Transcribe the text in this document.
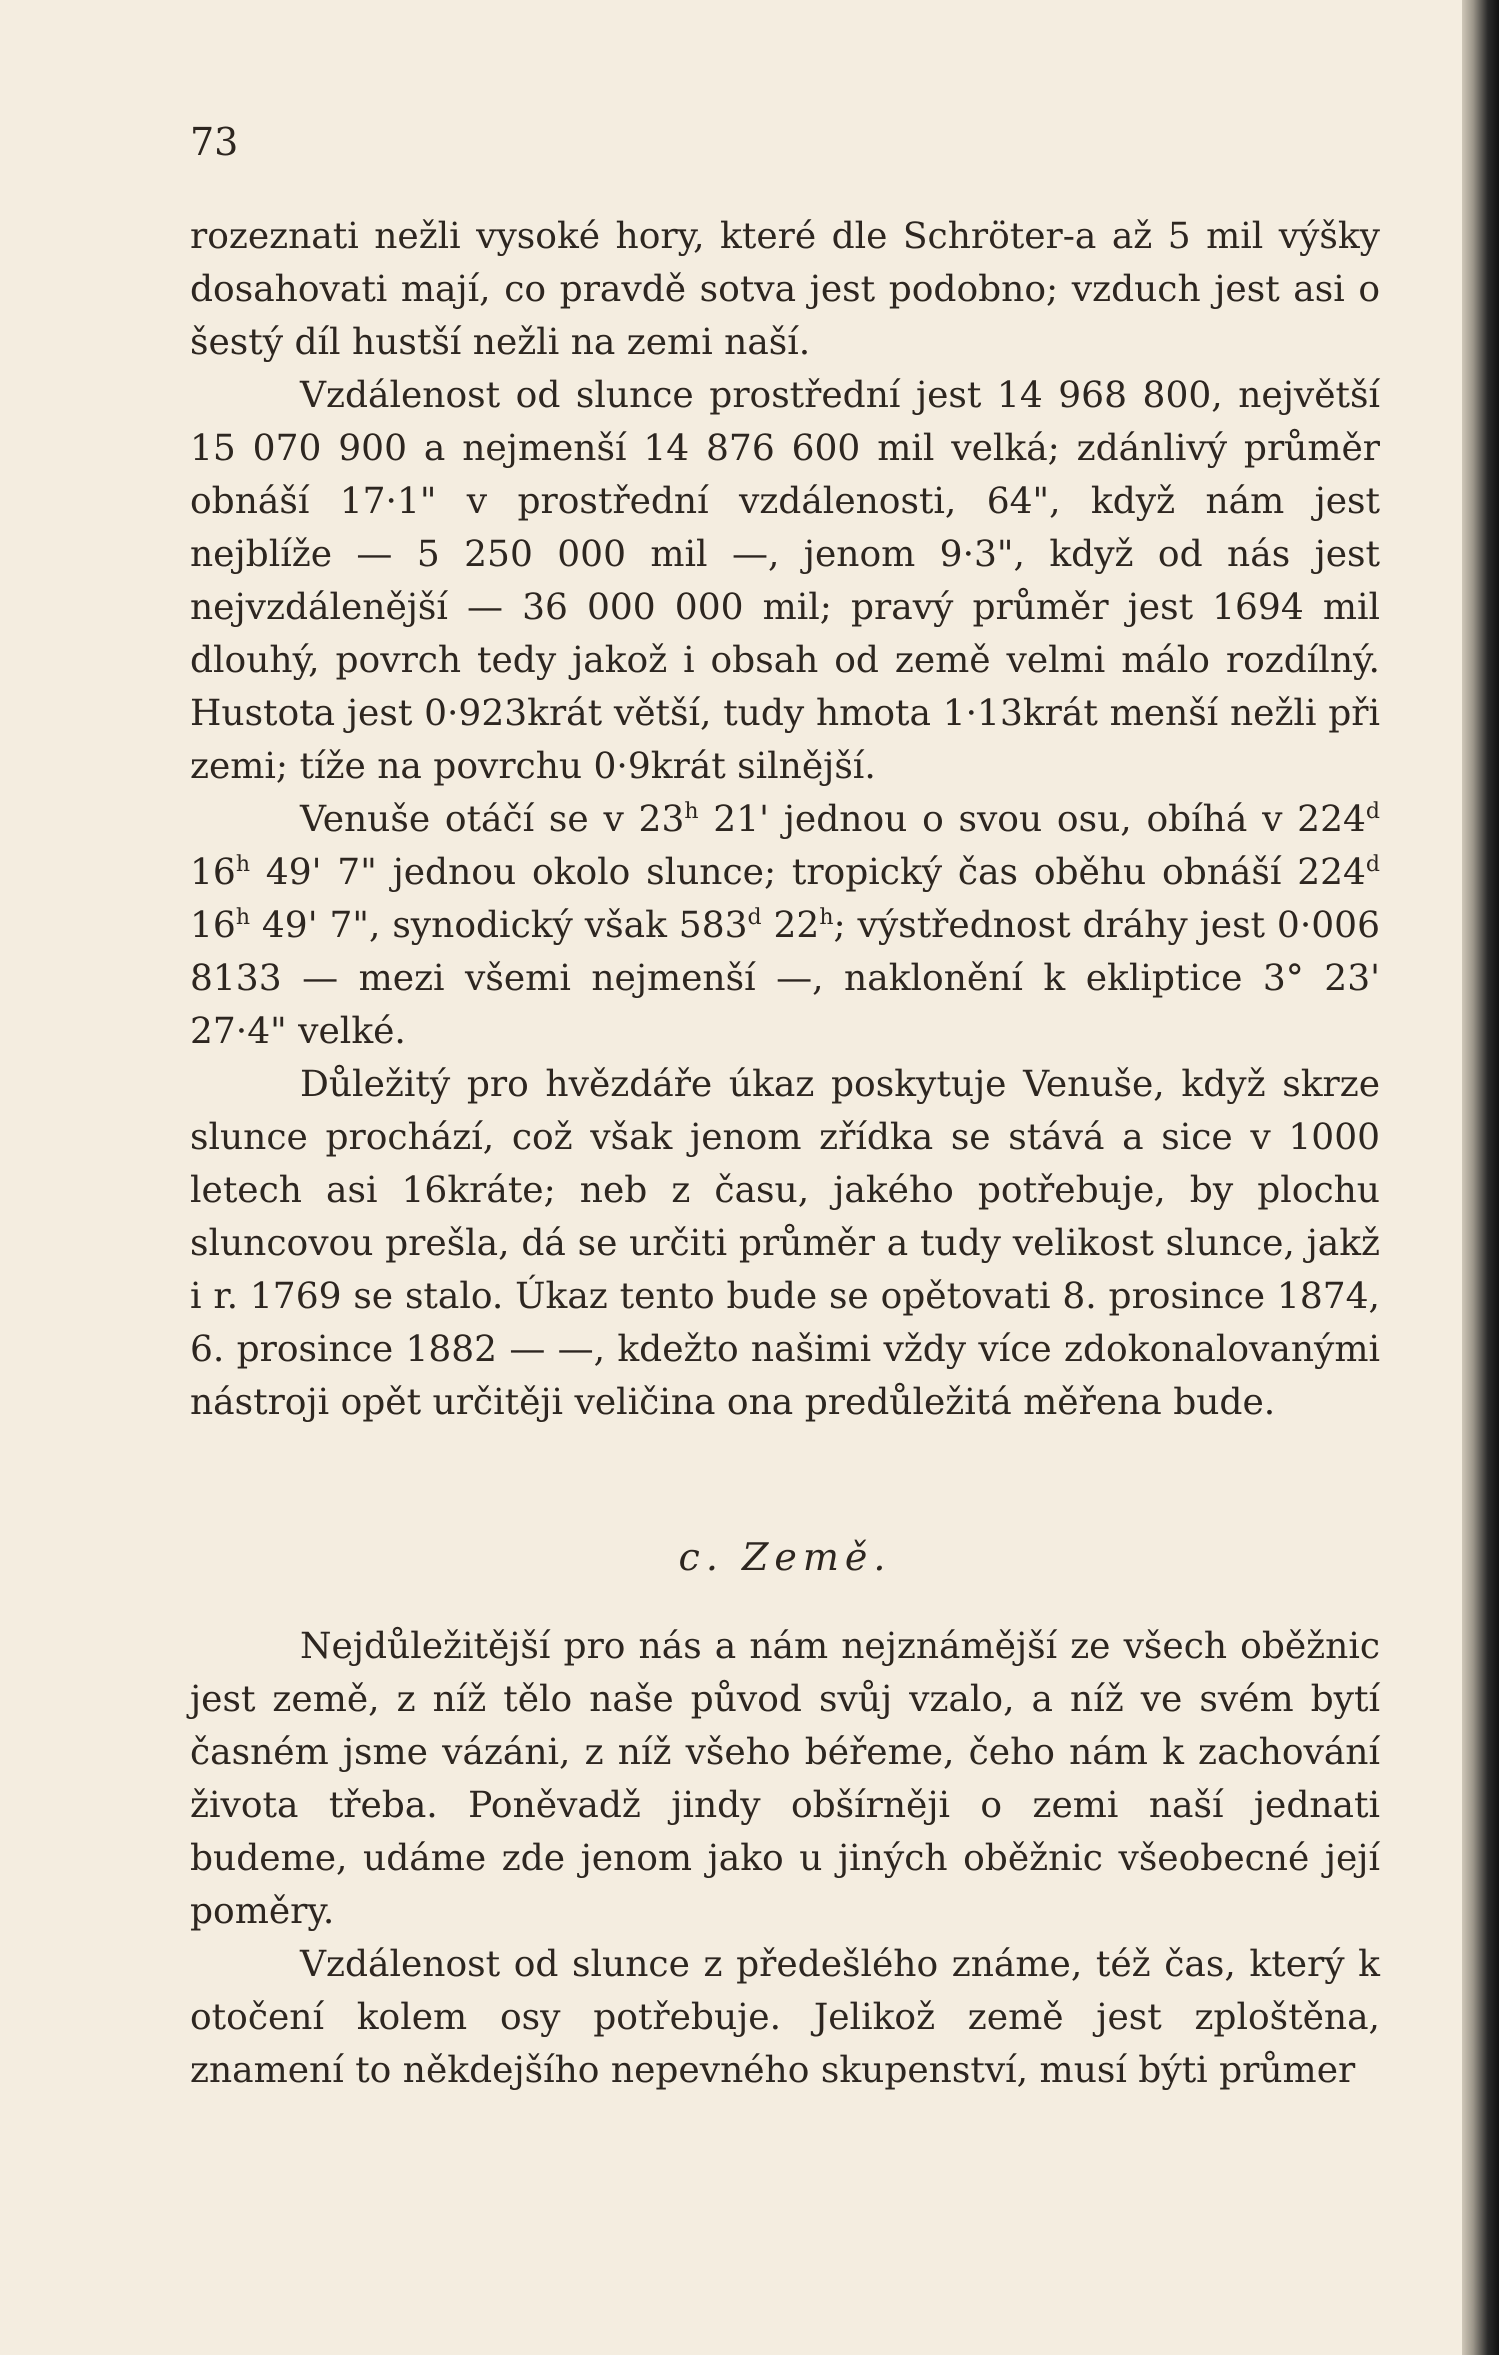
73

rozeznati nežli vysoké hory, které dle Schröter-a až 5 mil výšky dosahovati mají, co pravdě sotva jest podobno; vzduch jest asi o šestý díl hustší nežli na zemi naší.

Vzdálenost od slunce prostřední jest 14 968 800, největší 15 070 900 a nejmenší 14 876 600 mil velká; zdánlivý průměr obnáší 17·1" v prostřední vzdálenosti, 64", když nám jest nejblíže — 5 250 000 mil —, jenom 9·3", když od nás jest nejvzdálenější — 36 000 000 mil; pravý průměr jest 1694 mil dlouhý, povrch tedy jakož i obsah od země velmi málo rozdílný. Hustota jest 0·923krát větší, tudy hmota 1·13krát menší nežli při zemi; tíže na povrchu 0·9krát silnější.

Venuše otáčí se v 23$^h$ 21' jednou o svou osu, obíhá v 224$^d$ 16$^h$ 49' 7" jednou okolo slunce; tropický čas oběhu obnáší 224$^d$ 16$^h$ 49' 7", synodický však 583$^d$ 22$^h$; výstřednost dráhy jest 0·006 8133 — mezi všemi nejmenší —, naklonění k ekliptice 3° 23' 27·4" velké.

Důležitý pro hvězdáře úkaz poskytuje Venuše, když skrze slunce prochází, což však jenom zřídka se stává a sice v 1000 letech asi 16kráte; neb z času, jakého potřebuje, by plochu sluncovou prešla, dá se určiti průměr a tudy velikost slunce, jakž i r. 1769 se stalo. Úkaz tento bude se opětovati 8. prosince 1874, 6. prosince 1882 — —, kdežto našimi vždy více zdokonalovanými nástroji opět určitěji veličina ona predůležitá měřena bude.

c. Země.

Nejdůležitější pro nás a nám nejznámější ze všech oběžnic jest země, z níž tělo naše původ svůj vzalo, a níž ve svém bytí časném jsme vázáni, z níž všeho béřeme, čeho nám k zachování života třeba. Poněvadž jindy obšírněji o zemi naší jednati budeme, udáme zde jenom jako u jiných oběžnic všeobecné její poměry.

Vzdálenost od slunce z předešlého známe, též čas, který k otočení kolem osy potřebuje. Jelikož země jest zploštěna, znamení to někdejšího nepevného skupenství, musí býti průmer
